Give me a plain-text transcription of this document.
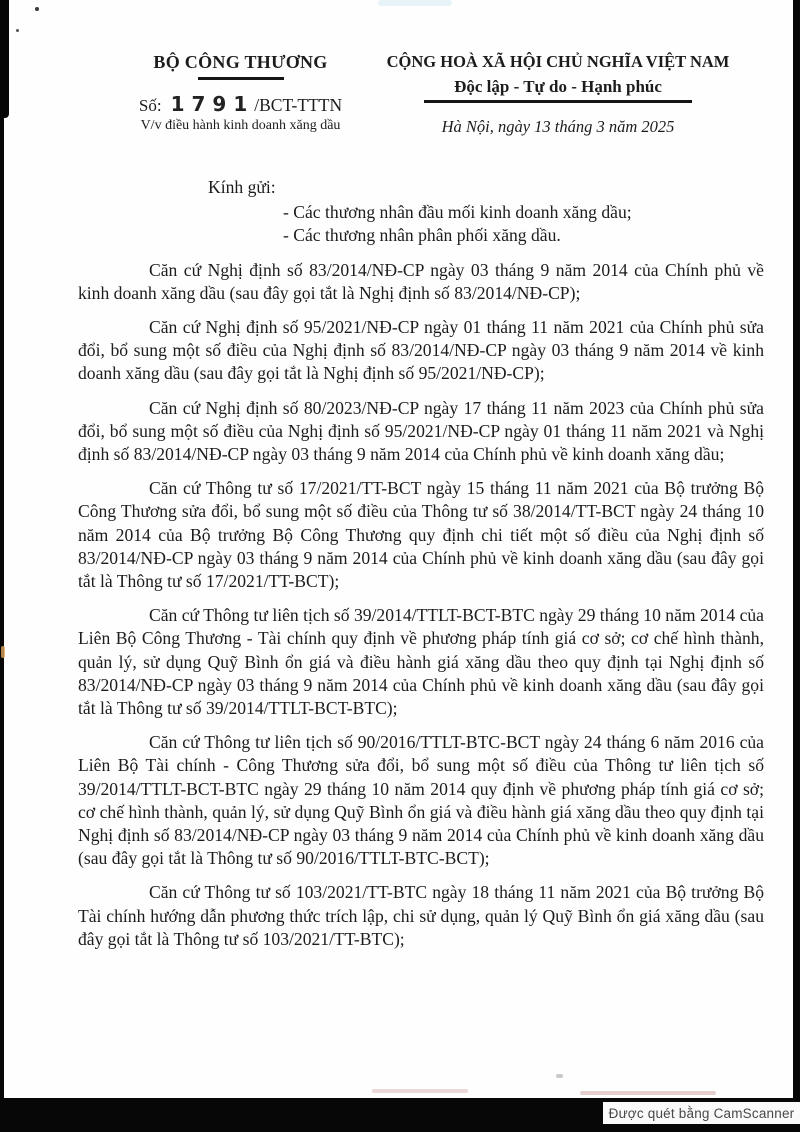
BỘ CÔNG THƯƠNG
Số: 1791/BCT-TTTN
V/v điều hành kinh doanh xăng dầu
CỘNG HOÀ XÃ HỘI CHỦ NGHĨA VIỆT NAM
Độc lập - Tự do - Hạnh phúc
Hà Nội, ngày 13 tháng 3 năm 2025
Kính gửi:
- Các thương nhân đầu mối kinh doanh xăng dầu;
- Các thương nhân phân phối xăng dầu.

Căn cứ Nghị định số 83/2014/NĐ-CP ngày 03 tháng 9 năm 2014 của Chính phủ về kinh doanh xăng dầu (sau đây gọi tắt là Nghị định số 83/2014/NĐ-CP);

Căn cứ Nghị định số 95/2021/NĐ-CP ngày 01 tháng 11 năm 2021 của Chính phủ sửa đổi, bổ sung một số điều của Nghị định số 83/2014/NĐ-CP ngày 03 tháng 9 năm 2014 về kinh doanh xăng dầu (sau đây gọi tắt là Nghị định số 95/2021/NĐ-CP);

Căn cứ Nghị định số 80/2023/NĐ-CP ngày 17 tháng 11 năm 2023 của Chính phủ sửa đổi, bổ sung một số điều của Nghị định số 95/2021/NĐ-CP ngày 01 tháng 11 năm 2021 và Nghị định số 83/2014/NĐ-CP ngày 03 tháng 9 năm 2014 của Chính phủ về kinh doanh xăng dầu;

Căn cứ Thông tư số 17/2021/TT-BCT ngày 15 tháng 11 năm 2021 của Bộ trưởng Bộ Công Thương sửa đổi, bổ sung một số điều của Thông tư số 38/2014/TT-BCT ngày 24 tháng 10 năm 2014 của Bộ trưởng Bộ Công Thương quy định chi tiết một số điều của Nghị định số 83/2014/NĐ-CP ngày 03 tháng 9 năm 2014 của Chính phủ về kinh doanh xăng dầu (sau đây gọi tắt là Thông tư số 17/2021/TT-BCT);

Căn cứ Thông tư liên tịch số 39/2014/TTLT-BCT-BTC ngày 29 tháng 10 năm 2014 của Liên Bộ Công Thương - Tài chính quy định về phương pháp tính giá cơ sở; cơ chế hình thành, quản lý, sử dụng Quỹ Bình ổn giá và điều hành giá xăng dầu theo quy định tại Nghị định số 83/2014/NĐ-CP ngày 03 tháng 9 năm 2014 của Chính phủ về kinh doanh xăng dầu (sau đây gọi tắt là Thông tư số 39/2014/TTLT-BCT-BTC);

Căn cứ Thông tư liên tịch số 90/2016/TTLT-BTC-BCT ngày 24 tháng 6 năm 2016 của Liên Bộ Tài chính - Công Thương sửa đổi, bổ sung một số điều của Thông tư liên tịch số 39/2014/TTLT-BCT-BTC ngày 29 tháng 10 năm 2014 quy định về phương pháp tính giá cơ sở; cơ chế hình thành, quản lý, sử dụng Quỹ Bình ổn giá và điều hành giá xăng dầu theo quy định tại Nghị định số 83/2014/NĐ-CP ngày 03 tháng 9 năm 2014 của Chính phủ về kinh doanh xăng dầu (sau đây gọi tắt là Thông tư số 90/2016/TTLT-BTC-BCT);

Căn cứ Thông tư số 103/2021/TT-BTC ngày 18 tháng 11 năm 2021 của Bộ trưởng Bộ Tài chính hướng dẫn phương thức trích lập, chi sử dụng, quản lý Quỹ Bình ổn giá xăng dầu (sau đây gọi tắt là Thông tư số 103/2021/TT-BTC);

Được quét bằng CamScanner
